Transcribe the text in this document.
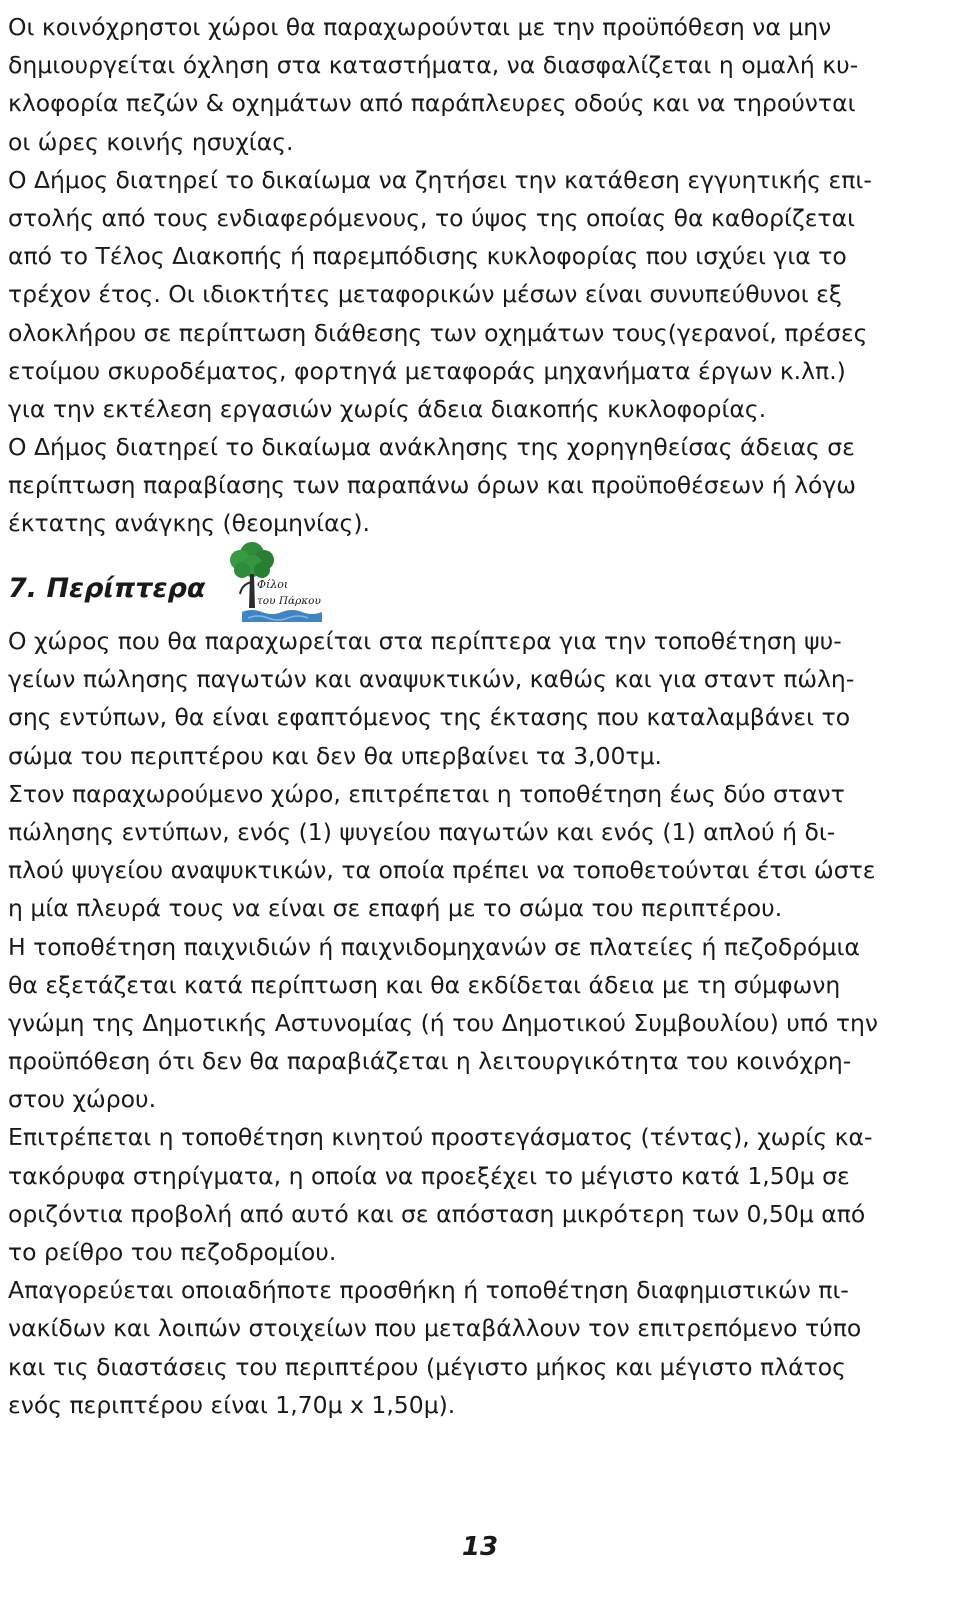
Οι κοινόχρηστοι χώροι θα παραχωρούνται με την προϋπόθεση να μην
δημιουργείται όχληση στα καταστήματα, να διασφαλίζεται η ομαλή κυ-
κλοφορία πεζών & οχημάτων από παράπλευρες οδούς και να τηρούνται
οι ώρες κοινής ησυχίας.
Ο Δήμος διατηρεί το δικαίωμα να ζητήσει την κατάθεση εγγυητικής επι-
στολής από τους ενδιαφερόμενους, το ύψος της οποίας θα καθορίζεται
από το Τέλος Διακοπής ή παρεμπόδισης κυκλοφορίας που ισχύει για το
τρέχον έτος. Οι ιδιοκτήτες μεταφορικών μέσων είναι συνυπεύθυνοι εξ
ολοκλήρου σε περίπτωση διάθεσης των οχημάτων τους(γερανοί, πρέσες
ετοίμου σκυροδέματος, φορτηγά μεταφοράς μηχανήματα έργων κ.λπ.)
για την εκτέλεση εργασιών χωρίς άδεια διακοπής κυκλοφορίας.
Ο Δήμος διατηρεί το δικαίωμα ανάκλησης της χορηγηθείσας άδειας σε
περίπτωση παραβίασης των παραπάνω όρων και προϋποθέσεων ή λόγω
έκτατης ανάγκης (θεομηνίας).
7. Περίπτερα	Φίλοι
του Πάρκου
Ο χώρος που θα παραχωρείται στα περίπτερα για την τοποθέτηση ψυ-
γείων πώλησης παγωτών και αναψυκτικών, καθώς και για σταντ πώλη-
σης εντύπων, θα είναι εφαπτόμενος της έκτασης που καταλαμβάνει το
σώμα του περιπτέρου και δεν θα υπερβαίνει τα 3,00τμ.
Στον παραχωρούμενο χώρο, επιτρέπεται η τοποθέτηση έως δύο σταντ
πώλησης εντύπων, ενός (1) ψυγείου παγωτών και ενός (1) απλού ή δι-
πλού ψυγείου αναψυκτικών, τα οποία πρέπει να τοποθετούνται έτσι ώστε
η μία πλευρά τους να είναι σε επαφή με το σώμα του περιπτέρου.
Η τοποθέτηση παιχνιδιών ή παιχνιδομηχανών σε πλατείες ή πεζοδρόμια
θα εξετάζεται κατά περίπτωση και θα εκδίδεται άδεια με τη σύμφωνη
γνώμη της Δημοτικής Αστυνομίας (ή του Δημοτικού Συμβουλίου) υπό την
προϋπόθεση ότι δεν θα παραβιάζεται η λειτουργικότητα του κοινόχρη-
στου χώρου.
Επιτρέπεται η τοποθέτηση κινητού προστεγάσματος (τέντας), χωρίς κα-
τακόρυφα στηρίγματα, η οποία να προεξέχει το μέγιστο κατά 1,50μ σε
οριζόντια προβολή από αυτό και σε απόσταση μικρότερη των 0,50μ από
το ρείθρο του πεζοδρομίου.
Απαγορεύεται οποιαδήποτε προσθήκη ή τοποθέτηση διαφημιστικών πι-
νακίδων και λοιπών στοιχείων που μεταβάλλουν τον επιτρεπόμενο τύπο
και τις διαστάσεις του περιπτέρου (μέγιστο μήκος και μέγιστο πλάτος
ενός περιπτέρου είναι 1,70μ x 1,50μ).
13
